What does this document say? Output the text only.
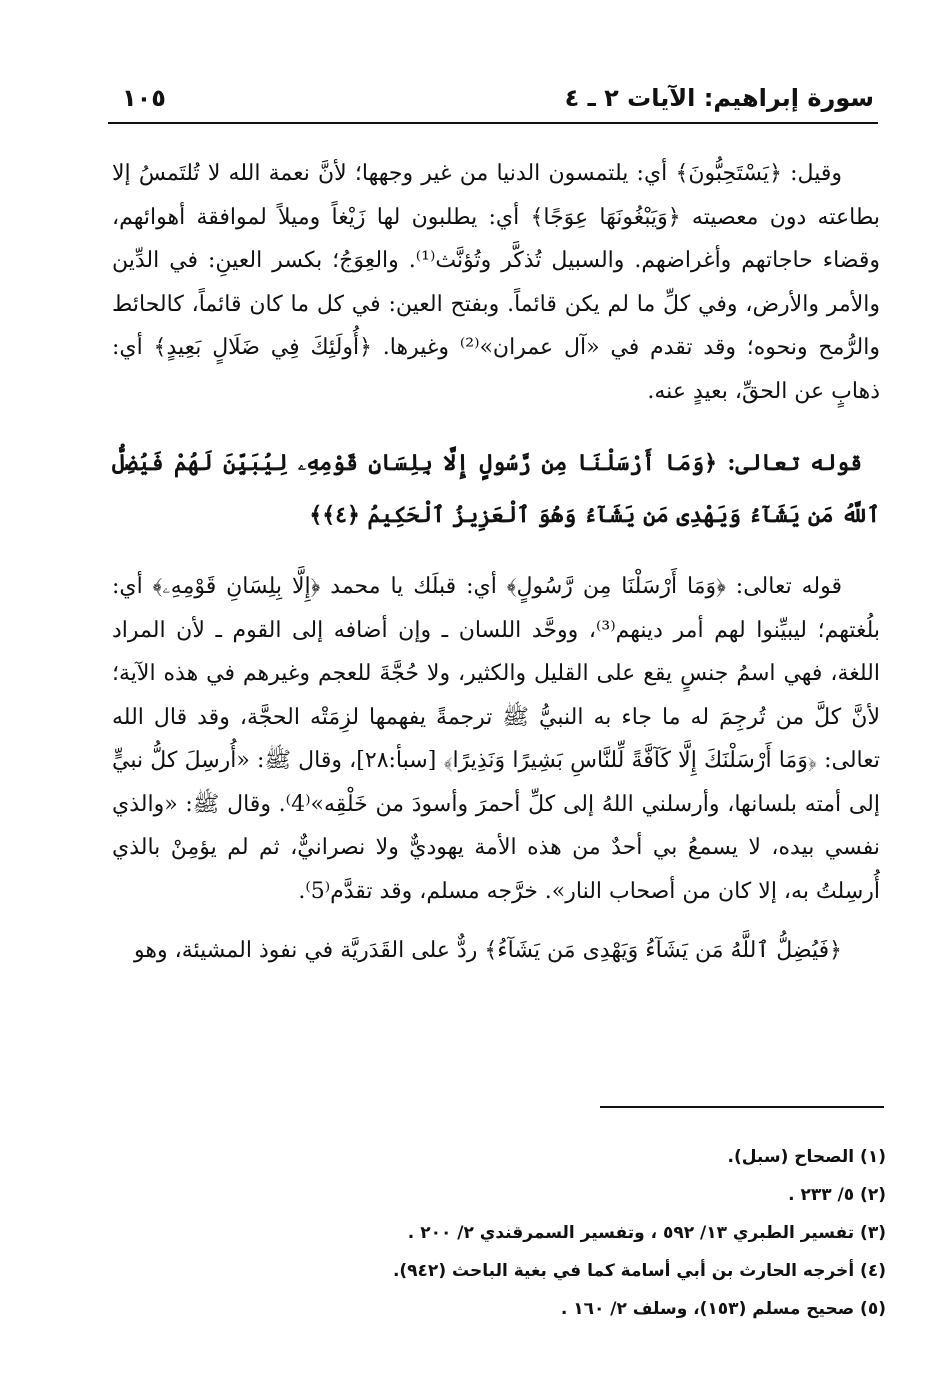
سورة إبراهيم: الآيات ٢ ـ ٤
١٠٥

وقيل: ﴿يَسْتَحِبُّونَ﴾ أي: يلتمسون الدنيا من غير وجهها؛ لأنَّ نعمة الله لا تُلتَمسُ إلا بطاعته دون معصيته ﴿وَيَبْغُونَهَا عِوَجًا﴾ أي: يطلبون لها زَيْغاً وميلاً لموافقة أهوائهم، وقضاء حاجاتهم وأغراضهم. والسبيل تُذكَّر وتُؤنَّث⁽¹⁾. والعِوَجُ؛ بكسر العينِ: في الدِّين والأمر والأرض، وفي كلِّ ما لم يكن قائماً. وبفتح العين: في كل ما كان قائماً، كالحائط والرُّمح ونحوه؛ وقد تقدم في «آل عمران»⁽²⁾ وغيرها. ﴿أُولَئِكَ فِي ضَلَالٍ بَعِيدٍ﴾ أي: ذهابٍ عن الحقِّ، بعيدٍ عنه.

قوله تعالى: ﴿وَمَا أَرْسَلْنَا مِن رَّسُولٍ إِلَّا بِلِسَانِ قَوْمِهِۦ لِيُبَيِّنَ لَهُمْ فَيُضِلُّ ٱللَّهُ مَن يَشَآءُ وَيَهْدِى مَن يَشَآءُ وَهُوَ ٱلْعَزِيزُ ٱلْحَكِيمُ ﴿٤﴾﴾

قوله تعالى: ﴿وَمَا أَرْسَلْنَا مِن رَّسُولٍ﴾ أي: قبلَك يا محمد ﴿إِلَّا بِلِسَانِ قَوْمِهِۦ﴾ أي: بلُغتهم؛ ليبيِّنوا لهم أمر دينهم⁽³⁾، ووحَّد اللسان ـ وإن أضافه إلى القوم ـ لأن المراد اللغة، فهي اسمُ جنسٍ يقع على القليل والكثير، ولا حُجَّةَ للعجم وغيرهم في هذه الآية؛ لأنَّ كلَّ من تُرجِمَ له ما جاء به النبيُّ ﷺ ترجمةً يفهمها لزِمَتْه الحجَّة، وقد قال الله تعالى: ﴿وَمَا أَرْسَلْنَكَ إِلَّا كَآفَّةً لِّلنَّاسِ بَشِيرًا وَنَذِيرًا﴾ [سبأ:٢٨]، وقال ﷺ: «أُرسِلَ كلُّ نبيٍّ إلى أمته بلسانها، وأرسلني اللهُ إلى كلِّ أحمرَ وأسودَ من خَلْقِه»⁽4⁾. وقال ﷺ: «والذي نفسي بيده، لا يسمعُ بي أحدٌ من هذه الأمة يهوديٌّ ولا نصرانيٌّ، ثم لم يؤمِنْ بالذي أُرسِلتُ به، إلا كان من أصحاب النار». خرَّجه مسلم، وقد تقدَّم⁽5⁾.

﴿فَيُضِلُّ ٱللَّهُ مَن يَشَآءُ وَيَهْدِى مَن يَشَآءُ﴾ ردٌّ على القَدَريَّة في نفوذ المشيئة، وهو

(١) الصحاح (سبل).
(٢) ٥/ ٢٣٣ .
(٣) تفسير الطبري ١٣/ ٥٩٢ ، وتفسير السمرقندي ٢/ ٢٠٠ .
(٤) أخرجه الحارث بن أبي أسامة كما في بغية الباحث (٩٤٢).
(٥) صحيح مسلم (١٥٣)، وسلف ٢/ ١٦٠ .
